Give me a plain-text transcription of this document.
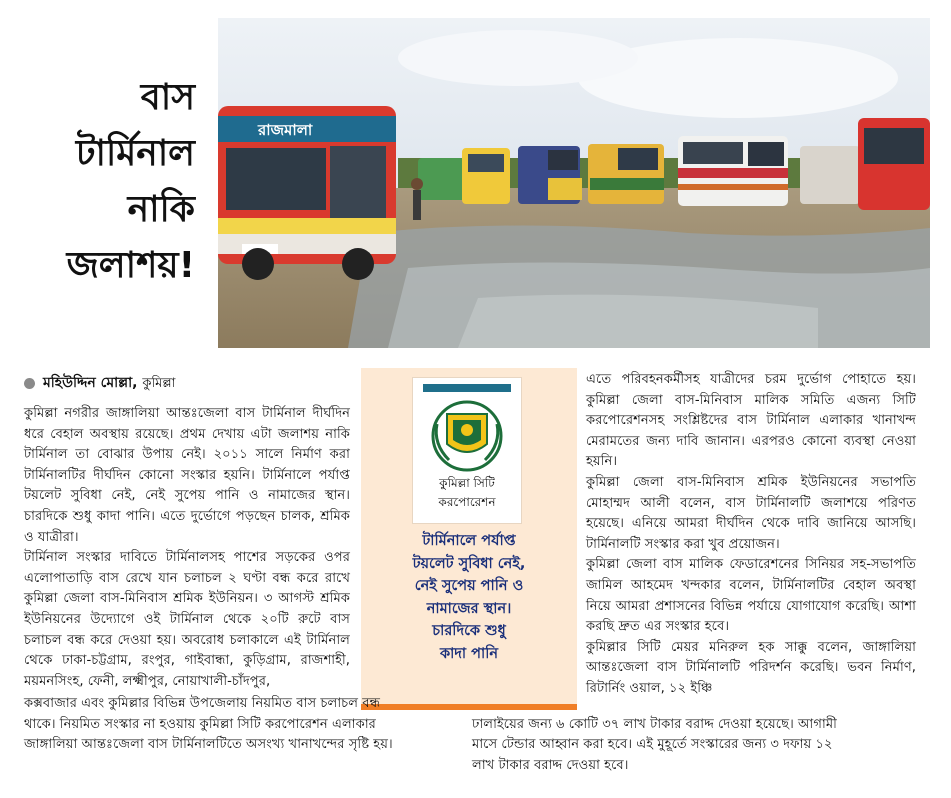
বাস
টার্মিনাল
নাকি
জলাশয়!
রাজমালা
মহিউদ্দিন মোল্লা, কুমিল্লা

কুমিল্লা নগরীর জাঙ্গালিয়া আন্তঃজেলা বাস টার্মিনাল দীর্ঘদিন ধরে বেহাল অবস্থায় রয়েছে। প্রথম দেখায় এটা জলাশয় নাকি টার্মিনাল তা বোঝার উপায় নেই। ২০১১ সালে নির্মাণ করা টার্মিনালটির দীর্ঘদিন কোনো সংস্কার হয়নি। টার্মিনালে পর্যাপ্ত টয়লেট সুবিধা নেই, নেই সুপেয় পানি ও নামাজের স্থান। চারদিকে শুধু কাদা পানি। এতে দুর্ভোগে পড়ছেন চালক, শ্রমিক ও যাত্রীরা।

টার্মিনাল সংস্কার দাবিতে টার্মিনালসহ পাশের সড়কের ওপর এলোপাতাড়ি বাস রেখে যান চলাচল ২ ঘণ্টা বন্ধ করে রাখে কুমিল্লা জেলা বাস-মিনিবাস শ্রমিক ইউনিয়ন। ৩ আগস্ট শ্রমিক ইউনিয়নের উদ্যোগে ওই টার্মিনাল থেকে ২০টি রুটে বাস চলাচল বন্ধ করে দেওয়া হয়। অবরোধ চলাকালে এই টার্মিনাল থেকে ঢাকা-চট্টগ্রাম, রংপুর, গাইবান্ধা, কুড়িগ্রাম, রাজশাহী, ময়মনসিংহ, ফেনী, লক্ষ্মীপুর, নোয়াখালী-চাঁদপুর,

কুমিল্লা সিটি
করপোরেশন
টার্মিনালে পর্যাপ্ত
টয়লেট সুবিধা নেই,
নেই সুপেয় পানি ও
নামাজের স্থান।
চারদিকে শুধু
কাদা পানি

এতে পরিবহনকর্মীসহ যাত্রীদের চরম দুর্ভোগ পোহাতে হয়। কুমিল্লা জেলা বাস-মিনিবাস মালিক সমিতি এজন্য সিটি করপোরেশনসহ সংশ্লিষ্টদের বাস টার্মিনাল এলাকার খানাখন্দ মেরামতের জন্য দাবি জানান। এরপরও কোনো ব্যবস্থা নেওয়া হয়নি।

কুমিল্লা জেলা বাস-মিনিবাস শ্রমিক ইউনিয়নের সভাপতি মোহাম্মদ আলী বলেন, বাস টার্মিনালটি জলাশয়ে পরিণত হয়েছে। এনিয়ে আমরা দীর্ঘদিন থেকে দাবি জানিয়ে আসছি। টার্মিনালটি সংস্কার করা খুব প্রয়োজন।

কুমিল্লা জেলা বাস মালিক ফেডারেশনের সিনিয়র সহ-সভাপতি জামিল আহমেদ খন্দকার বলেন, টার্মিনালটির বেহাল অবস্থা নিয়ে আমরা প্রশাসনের বিভিন্ন পর্যায়ে যোগাযোগ করেছি। আশা করছি দ্রুত এর সংস্কার হবে।

কুমিল্লার সিটি মেয়র মনিরুল হক সাক্কু বলেন, জাঙ্গালিয়া আন্তঃজেলা বাস টার্মিনালটি পরিদর্শন করেছি। ভবন নির্মাণ, রিটার্নিং ওয়াল, ১২ ইঞ্চি

কক্সবাজার এবং কুমিল্লার বিভিন্ন উপজেলায় নিয়মিত বাস চলাচল বন্ধ
থাকে। নিয়মিত সংস্কার না হওয়ায় কুমিল্লা সিটি করপোরেশন এলাকার	ঢালাইয়ের জন্য ৬ কোটি ৩৭ লাখ টাকার বরাদ্দ দেওয়া হয়েছে। আগামী
জাঙ্গালিয়া আন্তঃজেলা বাস টার্মিনালটিতে অসংখ্য খানাখন্দের সৃষ্টি হয়।	মাসে টেন্ডার আহ্বান করা হবে। এই মুহূর্তে সংস্কারের জন্য ৩ দফায় ১২
লাখ টাকার বরাদ্দ দেওয়া হবে।
